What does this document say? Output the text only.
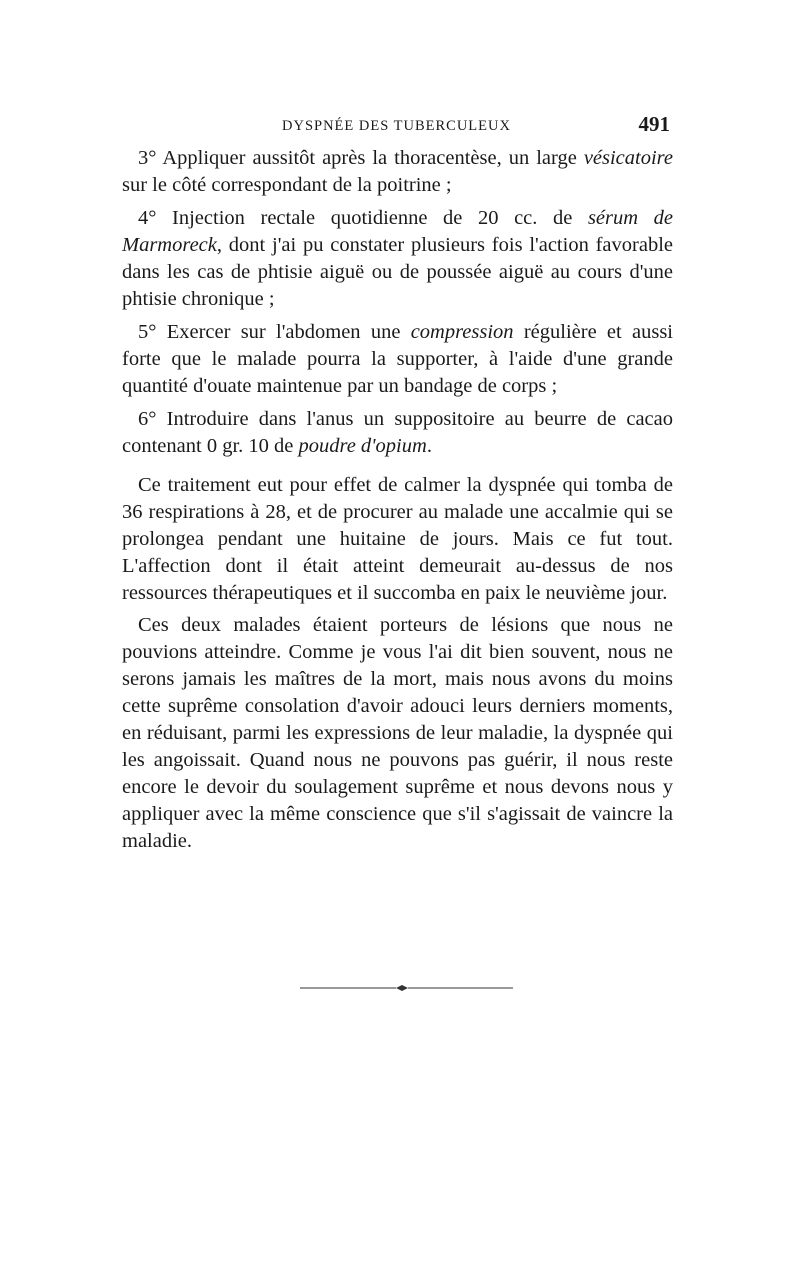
DYSPNÉE DES TUBERCULEUX	491

3° Appliquer aussitôt après la thoracentèse, un large vésicatoire sur le côté correspondant de la poitrine ;

4° Injection rectale quotidienne de 20 cc. de sérum de Marmoreck, dont j'ai pu constater plusieurs fois l'action favorable dans les cas de phtisie aiguë ou de poussée aiguë au cours d'une phtisie chronique ;

5° Exercer sur l'abdomen une compression régulière et aussi forte que le malade pourra la supporter, à l'aide d'une grande quantité d'ouate maintenue par un bandage de corps ;

6° Introduire dans l'anus un suppositoire au beurre de cacao contenant 0 gr. 10 de poudre d'opium.

Ce traitement eut pour effet de calmer la dyspnée qui tomba de 36 respirations à 28, et de procurer au malade une accalmie qui se prolongea pendant une huitaine de jours. Mais ce fut tout. L'affection dont il était atteint demeurait au-dessus de nos ressources thérapeutiques et il succomba en paix le neuvième jour.

Ces deux malades étaient porteurs de lésions que nous ne pouvions atteindre. Comme je vous l'ai dit bien souvent, nous ne serons jamais les maîtres de la mort, mais nous avons du moins cette suprême consolation d'avoir adouci leurs derniers moments, en réduisant, parmi les expressions de leur maladie, la dyspnée qui les angoissait. Quand nous ne pouvons pas guérir, il nous reste encore le devoir du soulagement suprême et nous devons nous y appliquer avec la même conscience que s'il s'agissait de vaincre la maladie.
